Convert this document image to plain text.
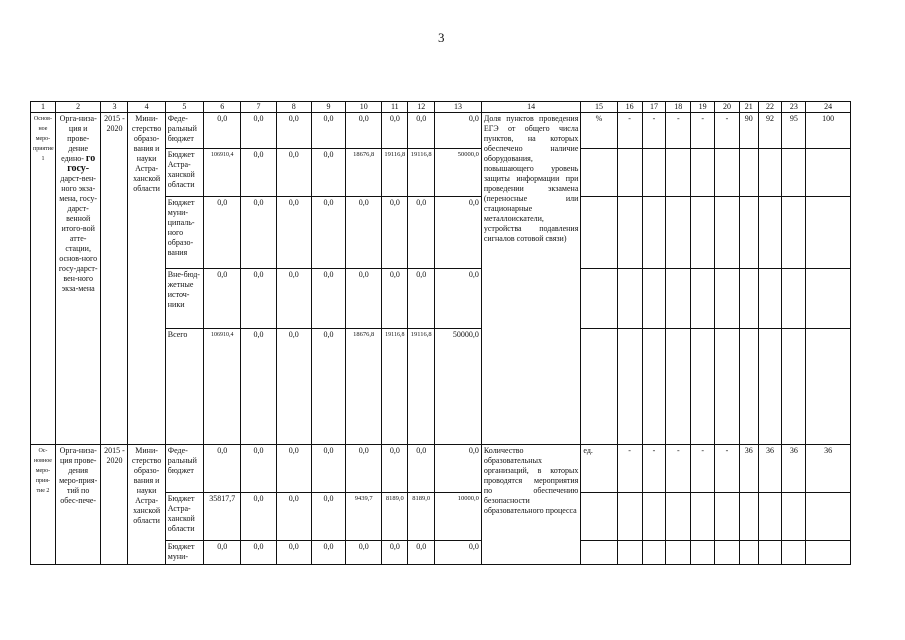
3
1	2	3	4	5	6	7	8	9	10	11	12	13	14	15	16	17	18	19	20	21	22	23	24
Основ-ное меро-приятие 1	Орга-низа-ция и прове-дение едино- го госу- дарст-вен-ного экза-мена, госу-дарст-венной итого-вой атте-стации, основ-ного госу-дарст-вен-ного экза-мена	2015 - 2020	Мини-стерство образо-вания и науки Астра-ханской области	Феде-ральный бюджет	0,0	0,0	0,0	0,0	0,0	0,0	0,0	0,0	Доля пунктов проведения ЕГЭ от общего числа пунктов, на которых обеспечено наличие оборудования, повышающего уровень защиты информации при проведении экзамена (переносные или стационарные металлоискатели, устройства подавления сигналов сотовой связи)	%	-	-	-	-	-	90	92	95	100
				Бюджет Астра-ханской области	106910,4	0,0	0,0	0,0	18676,8	19116,8	19116,8	50000,0											
				Бюджет муни-ципаль-ного образо-вания	0,0	0,0	0,0	0,0	0,0	0,0	0,0	0,0											
				Вне-бюд-жетные источ-ники	0,0	0,0	0,0	0,0	0,0	0,0	0,0	0,0											
				Всего	106910,4	0,0	0,0	0,0	18676,8	19116,8	19116,8	50000,0											
Ос-новное меро-прия-тие 2	Орга-низа-ция прове-дения меро-прия-тий по обес-пече-	2015 - 2020	Мини-стерство образо-вания и науки Астра-ханской области	Феде-ральный бюджет	0,0	0,0	0,0	0,0	0,0	0,0	0,0	0,0	Количество образовательных организаций, в которых проводятся мероприятия по обеспечению безопасности образовательного процесса	ед.	-	-	-	-	-	36	36	36	36
				Бюджет Астра-ханской области	35817,7	0,0	0,0	0,0	9439,7	8189,0	8189,0	10000,0											
				Бюджет муни-	0,0	0,0	0,0	0,0	0,0	0,0	0,0	0,0											
